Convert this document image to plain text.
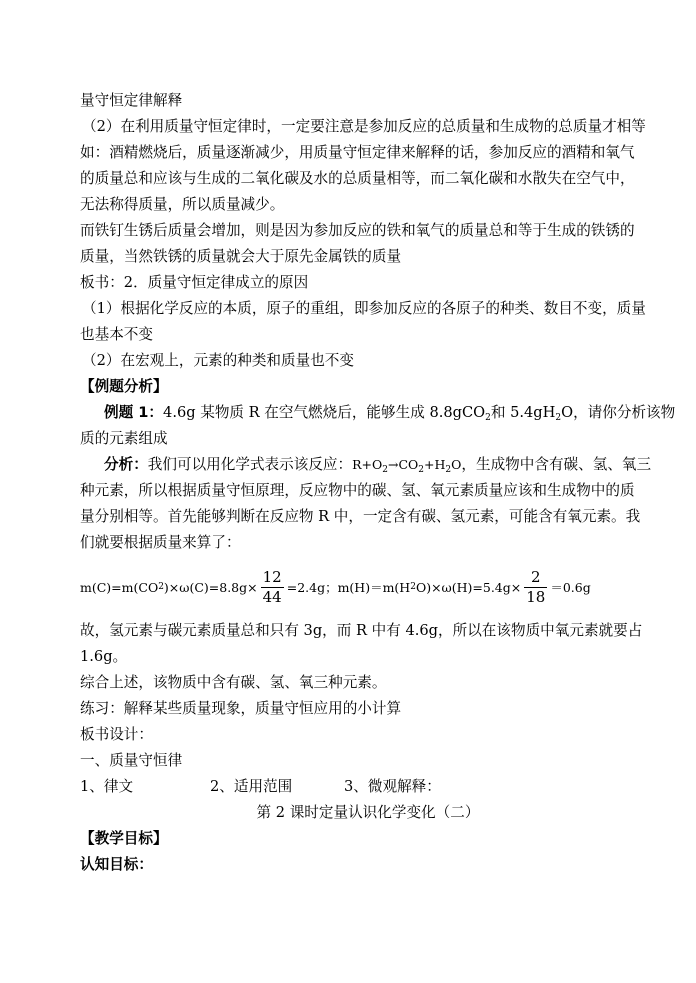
量守恒定律解释
（2）在利用质量守恒定律时，一定要注意是参加反应的总质量和生成物的总质量才相等
如：酒精燃烧后，质量逐渐减少，用质量守恒定律来解释的话，参加反应的酒精和氧气
的质量总和应该与生成的二氧化碳及水的总质量相等，而二氧化碳和水散失在空气中，
无法称得质量，所以质量减少。
而铁钉生锈后质量会增加，则是因为参加反应的铁和氧气的质量总和等于生成的铁锈的
质量，当然铁锈的质量就会大于原先金属铁的质量
板书：2．质量守恒定律成立的原因
（1）根据化学反应的本质，原子的重组，即参加反应的各原子的种类、数目不变，质量
也基本不变
（2）在宏观上，元素的种类和质量也不变
【例题分析】
例题 1：4.6g 某物质 R 在空气燃烧后，能够生成 8.8gCO$_2$和 $5.4gH_2O$，请你分析该物
质的元素组成
分析：我们可以用化学式表示该反应：$R+O_2\to CO_2+H_2O$，生成物中含有碳、氢、氧三
种元素，所以根据质量守恒原理，反应物中的碳、氢、氧元素质量应该和生成物中的质
量分别相等。首先能够判断在反应物 R 中，一定含有碳、氢元素，可能含有氧元素。我
们就要根据质量来算了：
m(C)=m(CO 2 )$\times\omega(C)=8.8g\times \frac{12}{44} =2.4g$；m(H)＝m(H 2 $O)\times\omega(H)=5.4g\times \frac{2}{18} =0.6g$
故，氢元素与碳元素质量总和只有 3g，而 R 中有 4.6g，所以在该物质中氧元素就要占
1.6g。
综合上述，该物质中含有碳、氢、氧三种元素。
练习：解释某些质量现象，质量守恒应用的小计算
板书设计：
一、质量守恒律
1、律文	2、适用范围	3、微观解释：
第 2 课时定量认识化学变化（二）
【教学目标】
认知目标：
